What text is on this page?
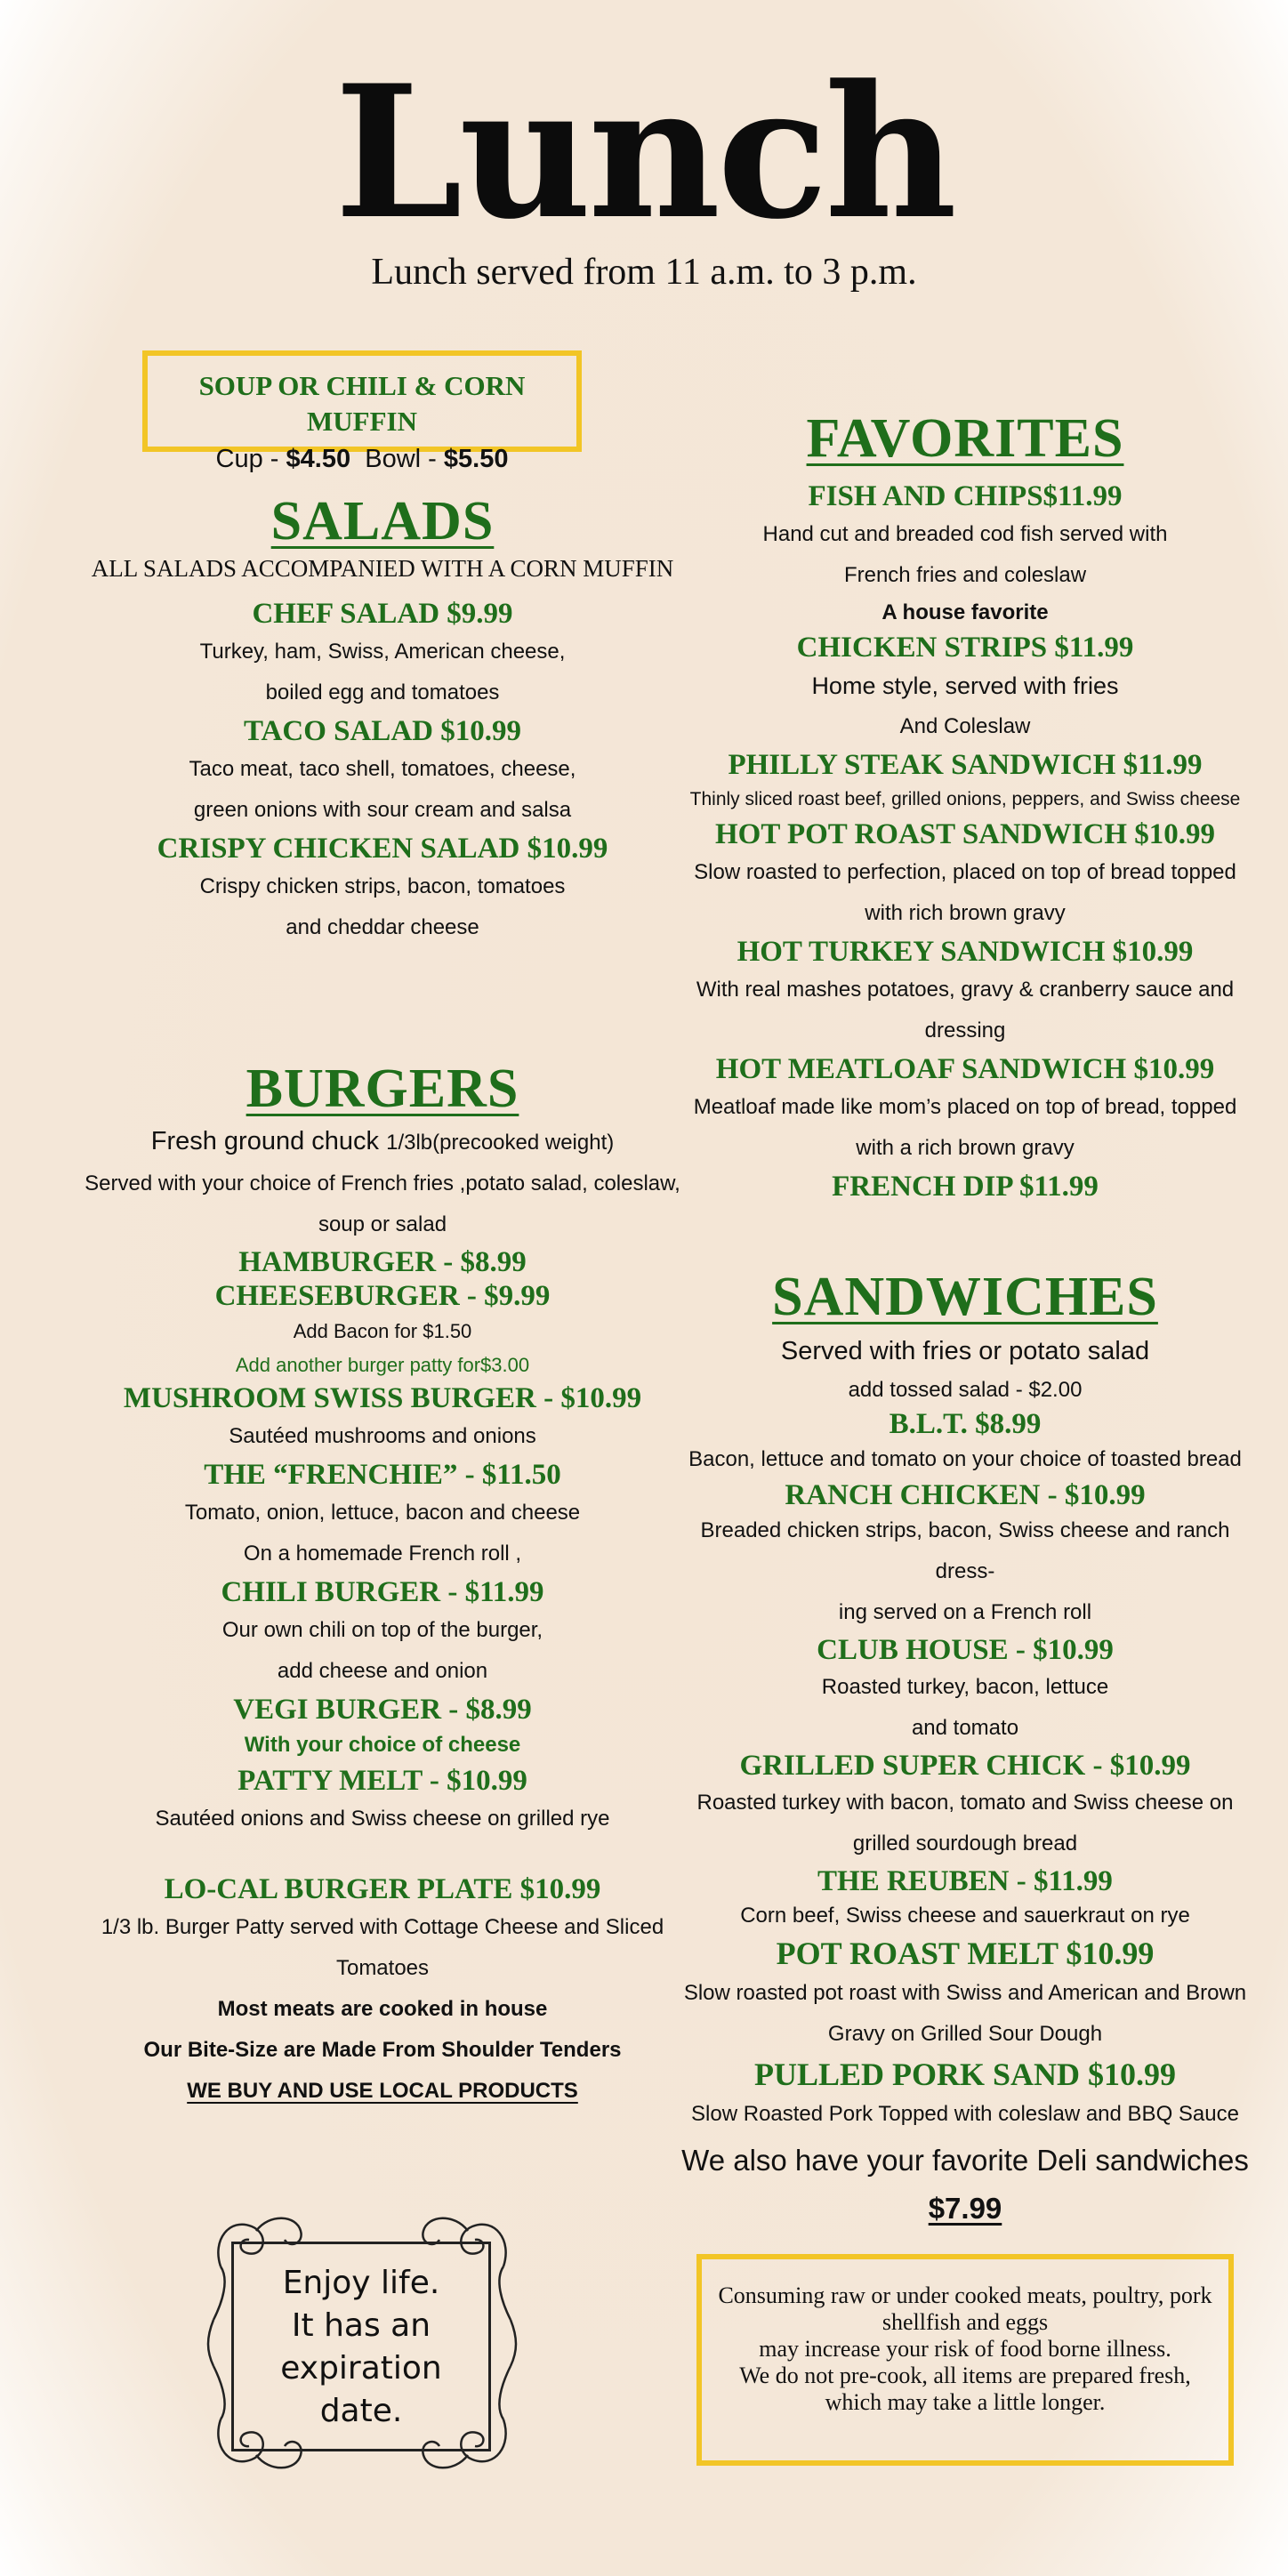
Lunch
Lunch served from 11 a.m. to 3 p.m.
SOUP OR CHILI & CORN MUFFIN
Cup - $4.50 Bowl - $5.50
SALADS
ALL SALADS ACCOMPANIED WITH A CORN MUFFIN
CHEF SALAD $9.99
Turkey, ham, Swiss, American cheese,
boiled egg and tomatoes
TACO SALAD $10.99
Taco meat, taco shell, tomatoes, cheese,
green onions with sour cream and salsa
CRISPY CHICKEN SALAD $10.99
Crispy chicken strips, bacon, tomatoes
and cheddar cheese
BURGERS
Fresh ground chuck 1/3lb(precooked weight)
Served with your choice of French fries ,potato salad, coleslaw,
soup or salad
HAMBURGER - $8.99
CHEESEBURGER - $9.99
Add Bacon for $1.50
Add another burger patty for$3.00
MUSHROOM SWISS BURGER - $10.99
Sautéed mushrooms and onions
THE “FRENCHIE” - $11.50
Tomato, onion, lettuce, bacon and cheese
On a homemade French roll ,
CHILI BURGER - $11.99
Our own chili on top of the burger,
add cheese and onion
VEGI BURGER - $8.99
With your choice of cheese
PATTY MELT - $10.99
Sautéed onions and Swiss cheese on grilled rye
LO-CAL BURGER PLATE $10.99
1/3 lb. Burger Patty served with Cottage Cheese and Sliced
Tomatoes
Most meats are cooked in house
Our Bite-Size are Made From Shoulder Tenders
WE BUY AND USE LOCAL PRODUCTS
Enjoy life.
It has an
expiration
date.
FAVORITES
FISH AND CHIPS$11.99
Hand cut and breaded cod fish served with
French fries and coleslaw
A house favorite
CHICKEN STRIPS $11.99
Home style, served with fries
And Coleslaw
PHILLY STEAK SANDWICH $11.99
Thinly sliced roast beef, grilled onions, peppers, and Swiss cheese
HOT POT ROAST SANDWICH $10.99
Slow roasted to perfection, placed on top of bread topped
with rich brown gravy
HOT TURKEY SANDWICH $10.99
With real mashes potatoes, gravy & cranberry sauce and
dressing
HOT MEATLOAF SANDWICH $10.99
Meatloaf made like mom’s placed on top of bread, topped
with a rich brown gravy
FRENCH DIP $11.99
SANDWICHES
Served with fries or potato salad
add tossed salad - $2.00
B.L.T. $8.99
Bacon, lettuce and tomato on your choice of toasted bread
RANCH CHICKEN - $10.99
Breaded chicken strips, bacon, Swiss cheese and ranch dress-
ing served on a French roll
CLUB HOUSE - $10.99
Roasted turkey, bacon, lettuce
and tomato
GRILLED SUPER CHICK - $10.99
Roasted turkey with bacon, tomato and Swiss cheese on
grilled sourdough bread
THE REUBEN - $11.99
Corn beef, Swiss cheese and sauerkraut on rye
POT ROAST MELT $10.99
Slow roasted pot roast with Swiss and American and Brown
Gravy on Grilled Sour Dough
PULLED PORK SAND $10.99
Slow Roasted Pork Topped with coleslaw and BBQ Sauce
We also have your favorite Deli sandwiches
$7.99
Consuming raw or under cooked meats, poultry, pork
shellfish and eggs
may increase your risk of food borne illness.
We do not pre-cook, all items are prepared fresh,
which may take a little longer.
